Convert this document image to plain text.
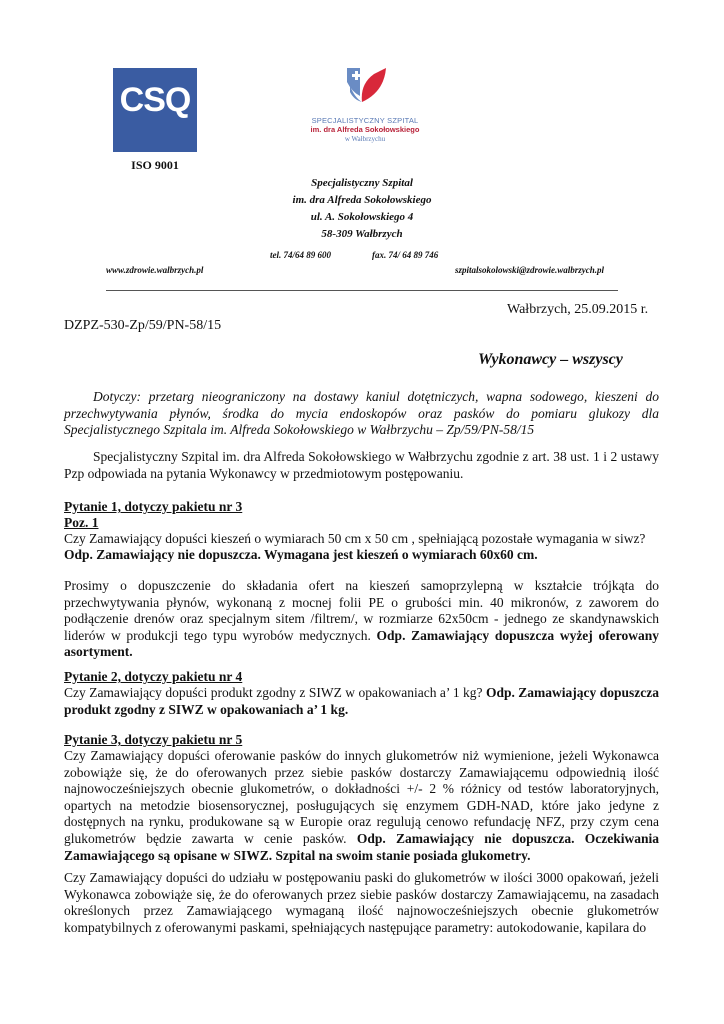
CSQ
ISO 9001
SPECJALISTYCZNY SZPITAL
im. dra Alfreda Sokołowskiego
w Wałbrzychu
Specjalistyczny Szpital
im. dra Alfreda Sokołowskiego
ul. A. Sokołowskiego 4
58-309 Wałbrzych
tel. 74/64 89 600	fax. 74/ 64 89 746
www.zdrowie.walbrzych.pl	szpitalsokolowski@zdrowie.walbrzych.pl
Wałbrzych, 25.09.2015 r.
DZPZ-530-Zp/59/PN-58/15
Wykonawcy – wszyscy
Dotyczy: przetarg nieograniczony na dostawy kaniul dotętniczych, wapna sodowego, kieszeni do przechwytywania płynów, środka do mycia endoskopów oraz pasków do pomiaru glukozy dla Specjalistycznego Szpitala im. Alfreda Sokołowskiego w Wałbrzychu – Zp/59/PN-58/15
Specjalistyczny Szpital im. dra Alfreda Sokołowskiego w Wałbrzychu zgodnie z art. 38 ust. 1 i 2 ustawy Pzp odpowiada na pytania Wykonawcy w przedmiotowym postępowaniu.
Pytanie 1, dotyczy pakietu nr 3
Poz. 1
Czy Zamawiający dopuści kieszeń o wymiarach 50 cm x 50 cm , spełniającą pozostałe wymagania w siwz?
Odp. Zamawiający nie dopuszcza. Wymagana jest kieszeń o wymiarach 60x60 cm.
Prosimy o dopuszczenie do składania ofert na kieszeń samoprzylepną w kształcie trójkąta do przechwytywania płynów, wykonaną z mocnej folii PE o grubości min. 40 mikronów, z zaworem do podłączenie drenów oraz specjalnym sitem /filtrem/, w rozmiarze 62x50cm - jednego ze skandynawskich liderów w produkcji tego typu wyrobów medycznych. Odp. Zamawiający dopuszcza wyżej oferowany asortyment.
Pytanie 2, dotyczy pakietu nr 4
Czy Zamawiający dopuści produkt zgodny z SIWZ w opakowaniach a’ 1 kg? Odp. Zamawiający dopuszcza produkt zgodny z SIWZ w opakowaniach a’ 1 kg.
Pytanie 3, dotyczy pakietu nr 5
Czy Zamawiający dopuści oferowanie pasków do innych glukometrów niż wymienione, jeżeli Wykonawca zobowiąże się, że do oferowanych przez siebie pasków dostarczy Zamawiającemu odpowiednią ilość najnowocześniejszych obecnie glukometrów, o dokładności +/- 2 % różnicy od testów laboratoryjnych, opartych na metodzie biosensorycznej, posługujących się enzymem GDH-NAD, które jako jedyne z dostępnych na rynku, produkowane są w Europie oraz regulują cenowo refundację NFZ, przy czym cena glukometrów będzie zawarta w cenie pasków. Odp. Zamawiający nie dopuszcza. Oczekiwania Zamawiającego są opisane w SIWZ. Szpital na swoim stanie posiada glukometry.
Czy Zamawiający dopuści do udziału w postępowaniu paski do glukometrów w ilości 3000 opakowań, jeżeli Wykonawca zobowiąże się, że do oferowanych przez siebie pasków dostarczy Zamawiającemu, na zasadach określonych przez Zamawiającego wymaganą ilość najnowocześniejszych obecnie glukometrów kompatybilnych z oferowanymi paskami, spełniających następujące parametry: autokodowanie, kapilara do
